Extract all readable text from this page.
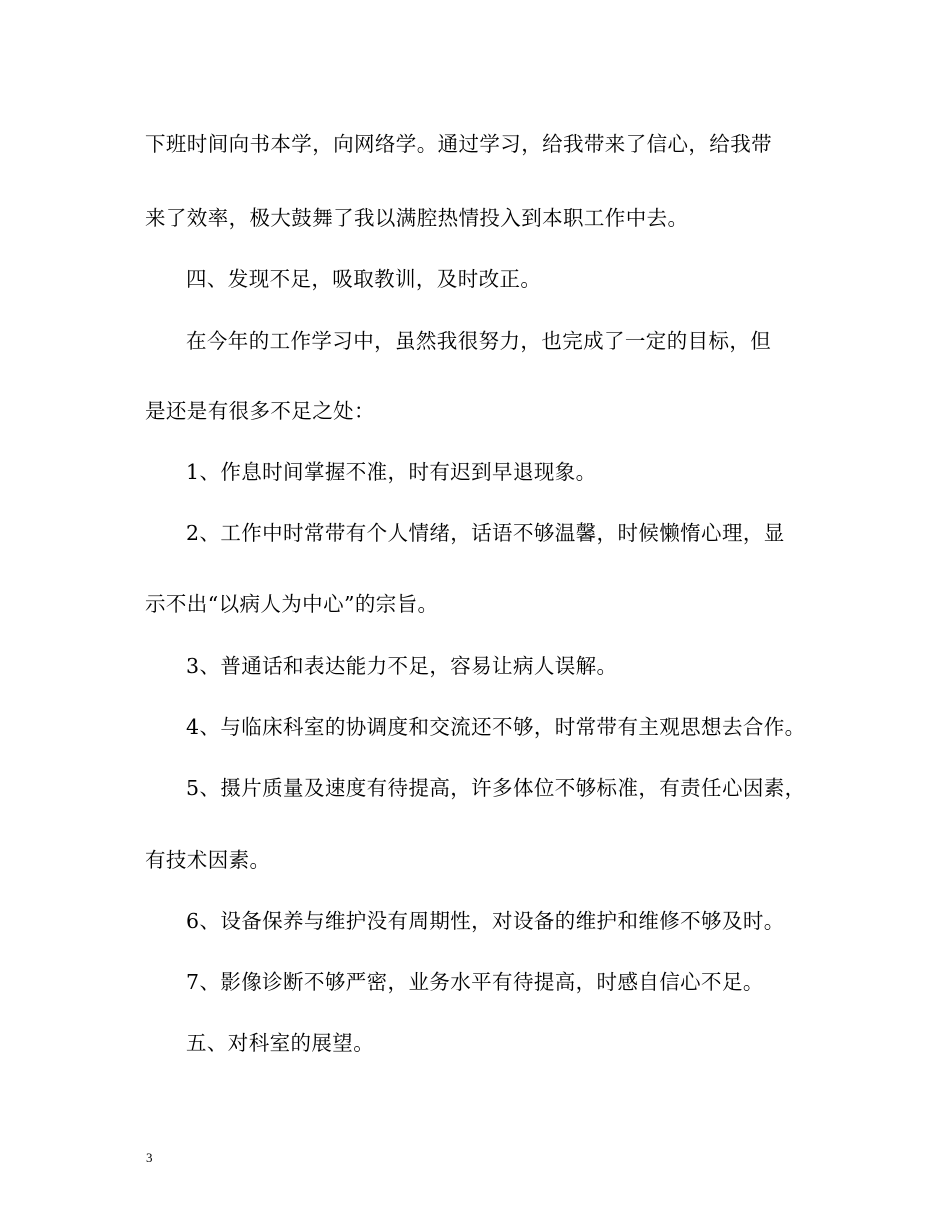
下班时间向书本学，向网络学。通过学习，给我带来了信心，给我带
来了效率，极大鼓舞了我以满腔热情投入到本职工作中去。
四、发现不足，吸取教训，及时改正。
在今年的工作学习中，虽然我很努力，也完成了一定的目标，但
是还是有很多不足之处：
1、作息时间掌握不准，时有迟到早退现象。
2、工作中时常带有个人情绪，话语不够温馨，时候懒惰心理，显
示不出“以病人为中心”的宗旨。
3、普通话和表达能力不足，容易让病人误解。
4、与临床科室的协调度和交流还不够，时常带有主观思想去合作。
5、摄片质量及速度有待提高，许多体位不够标准，有责任心因素，
有技术因素。
6、设备保养与维护没有周期性，对设备的维护和维修不够及时。
7、影像诊断不够严密，业务水平有待提高，时感自信心不足。
五、对科室的展望。
3
